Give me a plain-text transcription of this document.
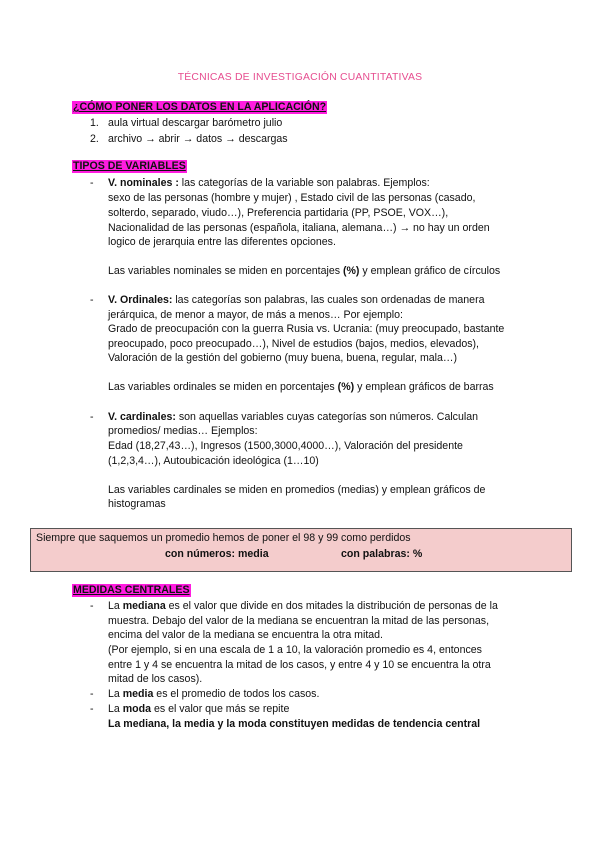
TÉCNICAS DE INVESTIGACIÓN CUANTITATIVAS
¿CÓMO PONER LOS DATOS EN LA APLICACIÓN?
1. aula virtual descargar barómetro julio
2. archivo → abrir → datos → descargas
TIPOS DE VARIABLES
- V. nominales : las categorías de la variable son palabras. Ejemplos:
sexo de las personas (hombre y mujer) , Estado civil de las personas (casado,
solterdo, separado, viudo…), Preferencia partidaria (PP, PSOE, VOX…),
Nacionalidad de las personas (española, italiana, alemana…) → no hay un orden
logico de jerarquia entre las diferentes opciones.
Las variables nominales se miden en porcentajes (%) y emplean gráfico de círculos
- V. Ordinales: las categorías son palabras, las cuales son ordenadas de manera
jerárquica, de menor a mayor, de más a menos… Por ejemplo:
Grado de preocupación con la guerra Rusia vs. Ucrania: (muy preocupado, bastante
preocupado, poco preocupado…), Nivel de estudios (bajos, medios, elevados),
Valoración de la gestión del gobierno (muy buena, buena, regular, mala…)
Las variables ordinales se miden en porcentajes (%) y emplean gráficos de barras
- V. cardinales: son aquellas variables cuyas categorías son números. Calculan
promedios/ medias… Ejemplos:
Edad (18,27,43…), Ingresos (1500,3000,4000…), Valoración del presidente
(1,2,3,4…), Autoubicación ideológica (1…10)
Las variables cardinales se miden en promedios (medias) y emplean gráficos de
histogramas
Siempre que saquemos un promedio hemos de poner el 98 y 99 como perdidos
con números: media	con palabras: %
MEDIDAS CENTRALES
- La mediana es el valor que divide en dos mitades la distribución de personas de la
muestra. Debajo del valor de la mediana se encuentran la mitad de las personas,
encima del valor de la mediana se encuentra la otra mitad.
(Por ejemplo, si en una escala de 1 a 10, la valoración promedio es 4, entonces
entre 1 y 4 se encuentra la mitad de los casos, y entre 4 y 10 se encuentra la otra
mitad de los casos).
- La media es el promedio de todos los casos.
- La moda es el valor que más se repite
La mediana, la media y la moda constituyen medidas de tendencia central
